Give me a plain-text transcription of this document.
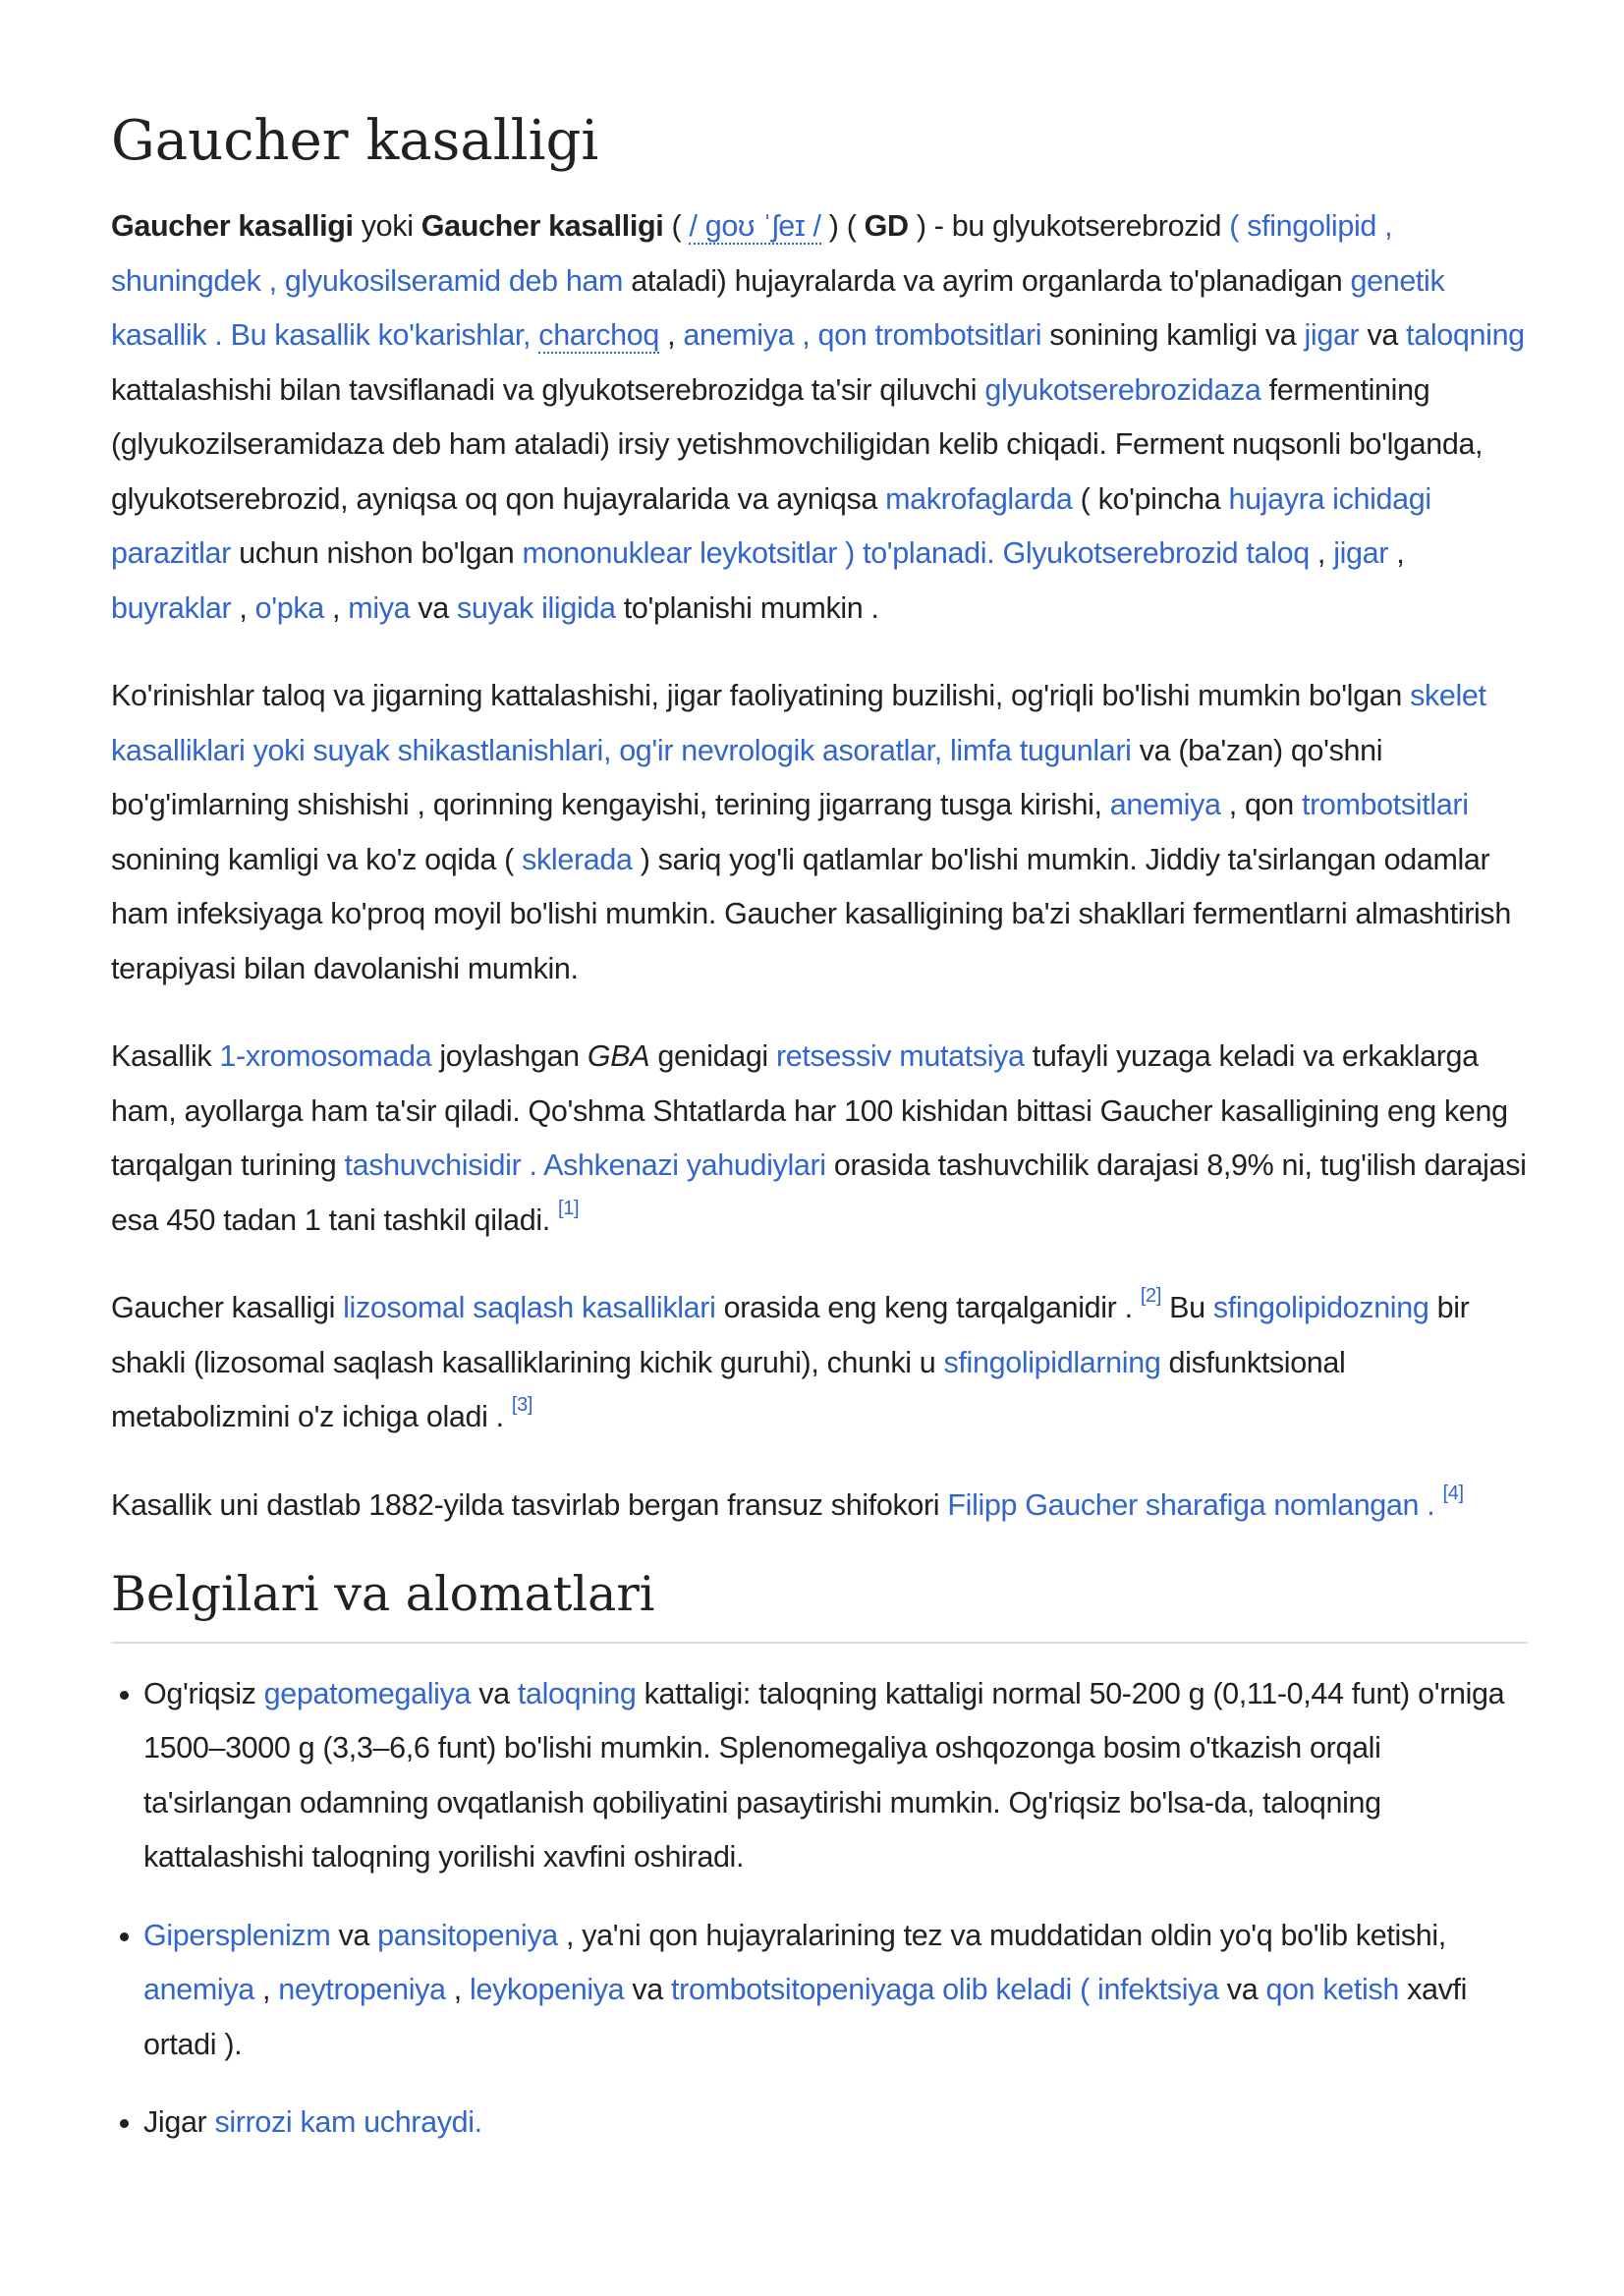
Gaucher kasalligi

Gaucher kasalligi yoki Gaucher kasalligi ( / ɡoʊ ˈʃeɪ / ) ( GD ) - bu glyukotserebrozid ( sfingolipid , shuningdek , glyukosilseramid deb ham ataladi) hujayralarda va ayrim organlarda to'planadigan genetik kasallik . Bu kasallik ko'karishlar, charchoq , anemiya , qon trombotsitlari sonining kamligi va jigar va taloqning kattalashishi bilan tavsiflanadi va glyukotserebrozidga ta'sir qiluvchi glyukotserebrozidaza fermentining (glyukozilseramidaza deb ham ataladi) irsiy yetishmovchiligidan kelib chiqadi. Ferment nuqsonli bo'lganda, glyukotserebrozid, ayniqsa oq qon hujayralarida va ayniqsa makrofaglarda ( ko'pincha hujayra ichidagi parazitlar uchun nishon bo'lgan mononuklear leykotsitlar ) to'planadi. Glyukotserebrozid taloq , jigar , buyraklar , o'pka , miya va suyak iligida to'planishi mumkin .

Ko'rinishlar taloq va jigarning kattalashishi, jigar faoliyatining buzilishi, og'riqli bo'lishi mumkin bo'lgan skelet kasalliklari yoki suyak shikastlanishlari, og'ir nevrologik asoratlar, limfa tugunlari va (ba'zan) qo'shni bo'g'imlarning shishishi , qorinning kengayishi, terining jigarrang tusga kirishi, anemiya , qon trombotsitlari sonining kamligi va ko'z oqida ( sklerada ) sariq yog'li qatlamlar bo'lishi mumkin. Jiddiy ta'sirlangan odamlar ham infeksiyaga ko'proq moyil bo'lishi mumkin. Gaucher kasalligining ba'zi shakllari fermentlarni almashtirish terapiyasi bilan davolanishi mumkin.

Kasallik 1-xromosomada joylashgan GBA genidagi retsessiv mutatsiya tufayli yuzaga keladi va erkaklarga ham, ayollarga ham ta'sir qiladi. Qo'shma Shtatlarda har 100 kishidan bittasi Gaucher kasalligining eng keng tarqalgan turining tashuvchisidir . Ashkenazi yahudiylari orasida tashuvchilik darajasi 8,9% ni, tug'ilish darajasi esa 450 tadan 1 tani tashkil qiladi. [1]

Gaucher kasalligi lizosomal saqlash kasalliklari orasida eng keng tarqalganidir . [2] Bu sfingolipidozning bir shakli (lizosomal saqlash kasalliklarining kichik guruhi), chunki u sfingolipidlarning disfunktsional metabolizmini o'z ichiga oladi . [3]

Kasallik uni dastlab 1882-yilda tasvirlab bergan fransuz shifokori Filipp Gaucher sharafiga nomlangan . [4]

Belgilari va alomatlari
• Og'riqsiz gepatomegaliya va taloqning kattaligi: taloqning kattaligi normal 50-200 g (0,11-0,44 funt) o'rniga 1500–3000 g (3,3–6,6 funt) bo'lishi mumkin. Splenomegaliya oshqozonga bosim o'tkazish orqali ta'sirlangan odamning ovqatlanish qobiliyatini pasaytirishi mumkin. Og'riqsiz bo'lsa-da, taloqning kattalashishi taloqning yorilishi xavfini oshiradi.
• Gipersplenizm va pansitopeniya , ya'ni qon hujayralarining tez va muddatidan oldin yo'q bo'lib ketishi, anemiya , neytropeniya , leykopeniya va trombotsitopeniyaga olib keladi ( infektsiya va qon ketish xavfi ortadi ).
• Jigar sirrozi kam uchraydi.
